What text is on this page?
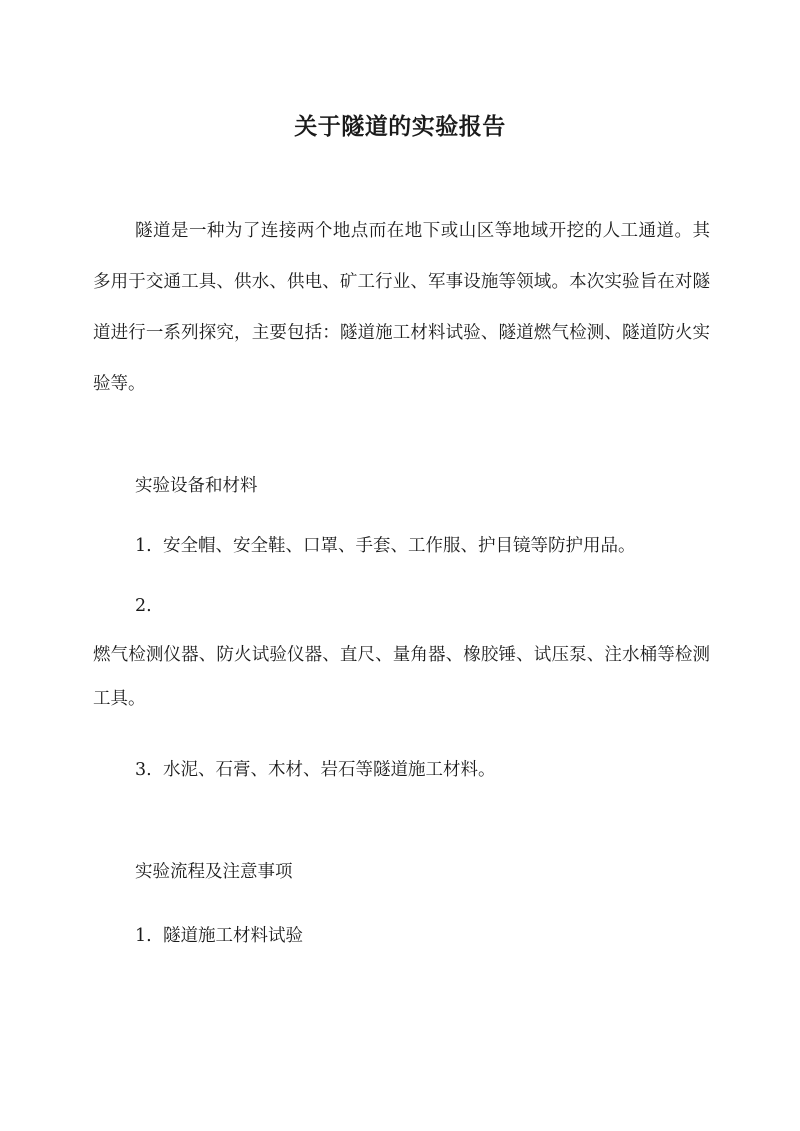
关于隧道的实验报告

隧道是一种为了连接两个地点而在地下或山区等地域开挖的人工通道。其多用于交通工具、供水、供电、矿工行业、军事设施等领域。本次实验旨在对隧道进行一系列探究，主要包括：隧道施工材料试验、隧道燃气检测、隧道防火实验等。

实验设备和材料

1. 安全帽、安全鞋、口罩、手套、工作服、护目镜等防护用品。

2.

燃气检测仪器、防火试验仪器、直尺、量角器、橡胶锤、试压泵、注水桶等检测工具。

3. 水泥、石膏、木材、岩石等隧道施工材料。

实验流程及注意事项

1. 隧道施工材料试验
